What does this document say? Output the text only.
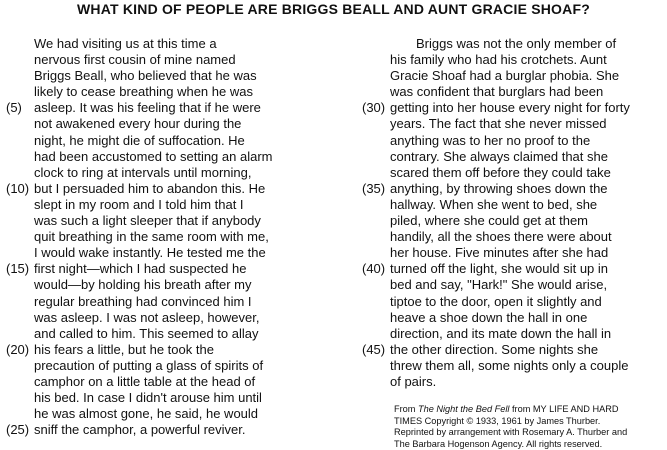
WHAT KIND OF PEOPLE ARE BRIGGS BEALL AND AUNT GRACIE SHOAF?
We had visiting us at this time a
nervous first cousin of mine named
Briggs Beall, who believed that he was
likely to cease breathing when he was
(5) asleep. It was his feeling that if he were
not awakened every hour during the
night, he might die of suffocation. He
had been accustomed to setting an alarm
clock to ring at intervals until morning,
(10) but I persuaded him to abandon this. He
slept in my room and I told him that I
was such a light sleeper that if anybody
quit breathing in the same room with me,
I would wake instantly. He tested me the
(15) first night—which I had suspected he
would—by holding his breath after my
regular breathing had convinced him I
was asleep. I was not asleep, however,
and called to him. This seemed to allay
(20) his fears a little, but he took the
precaution of putting a glass of spirits of
camphor on a little table at the head of
his bed. In case I didn't arouse him until
he was almost gone, he said, he would
(25) sniff the camphor, a powerful reviver.
Briggs was not the only member of
his family who had his crotchets. Aunt
Gracie Shoaf had a burglar phobia. She
was confident that burglars had been
(30) getting into her house every night for forty
years. The fact that she never missed
anything was to her no proof to the
contrary. She always claimed that she
scared them off before they could take
(35) anything, by throwing shoes down the
hallway. When she went to bed, she
piled, where she could get at them
handily, all the shoes there were about
her house. Five minutes after she had
(40) turned off the light, she would sit up in
bed and say, "Hark!" She would arise,
tiptoe to the door, open it slightly and
heave a shoe down the hall in one
direction, and its mate down the hall in
(45) the other direction. Some nights she
threw them all, some nights only a couple
of pairs.
From The Night the Bed Fell from MY LIFE AND HARD
TIMES Copyright © 1933, 1961 by James Thurber.
Reprinted by arrangement with Rosemary A. Thurber and
The Barbara Hogenson Agency. All rights reserved.
